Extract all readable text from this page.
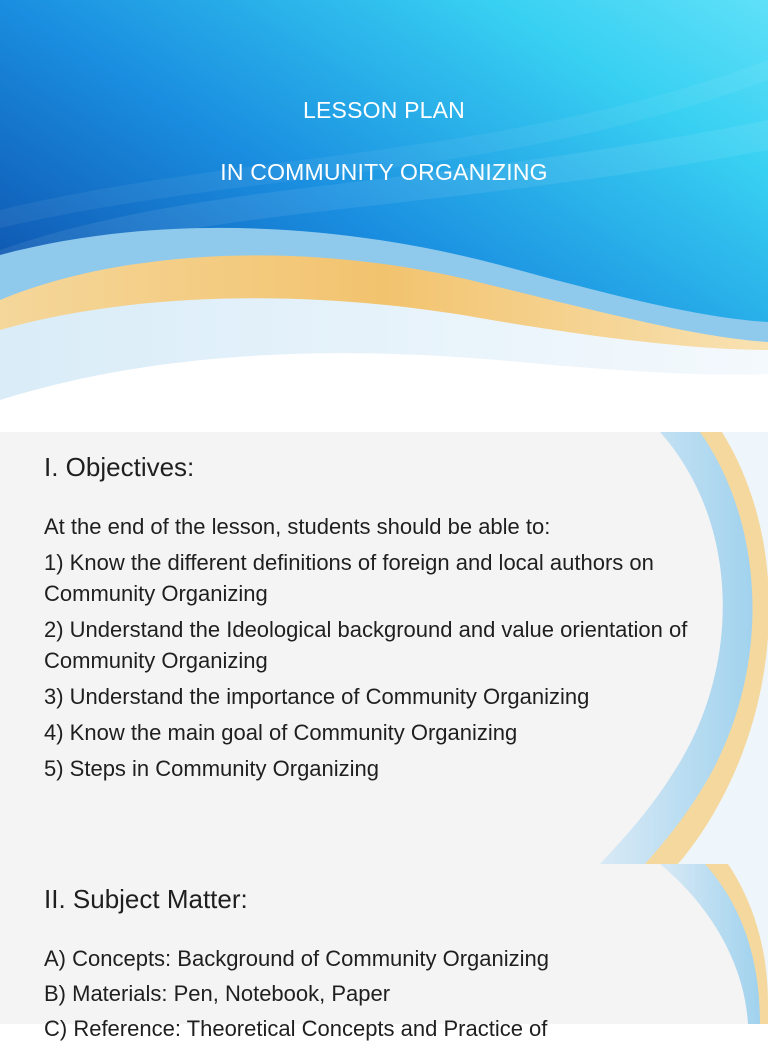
LESSON PLAN
IN COMMUNITY ORGANIZING
I. Objectives:

At the end of the lesson, students should be able to:

1) Know the different definitions of foreign and local authors on Community Organizing

2) Understand the Ideological background and value orientation of Community Organizing

3) Understand the importance of Community Organizing

4) Know the main goal of Community Organizing

5) Steps in Community Organizing

II. Subject Matter:

A) Concepts: Background of Community Organizing

B) Materials: Pen, Notebook, Paper

C) Reference: Theoretical Concepts and Practice of
